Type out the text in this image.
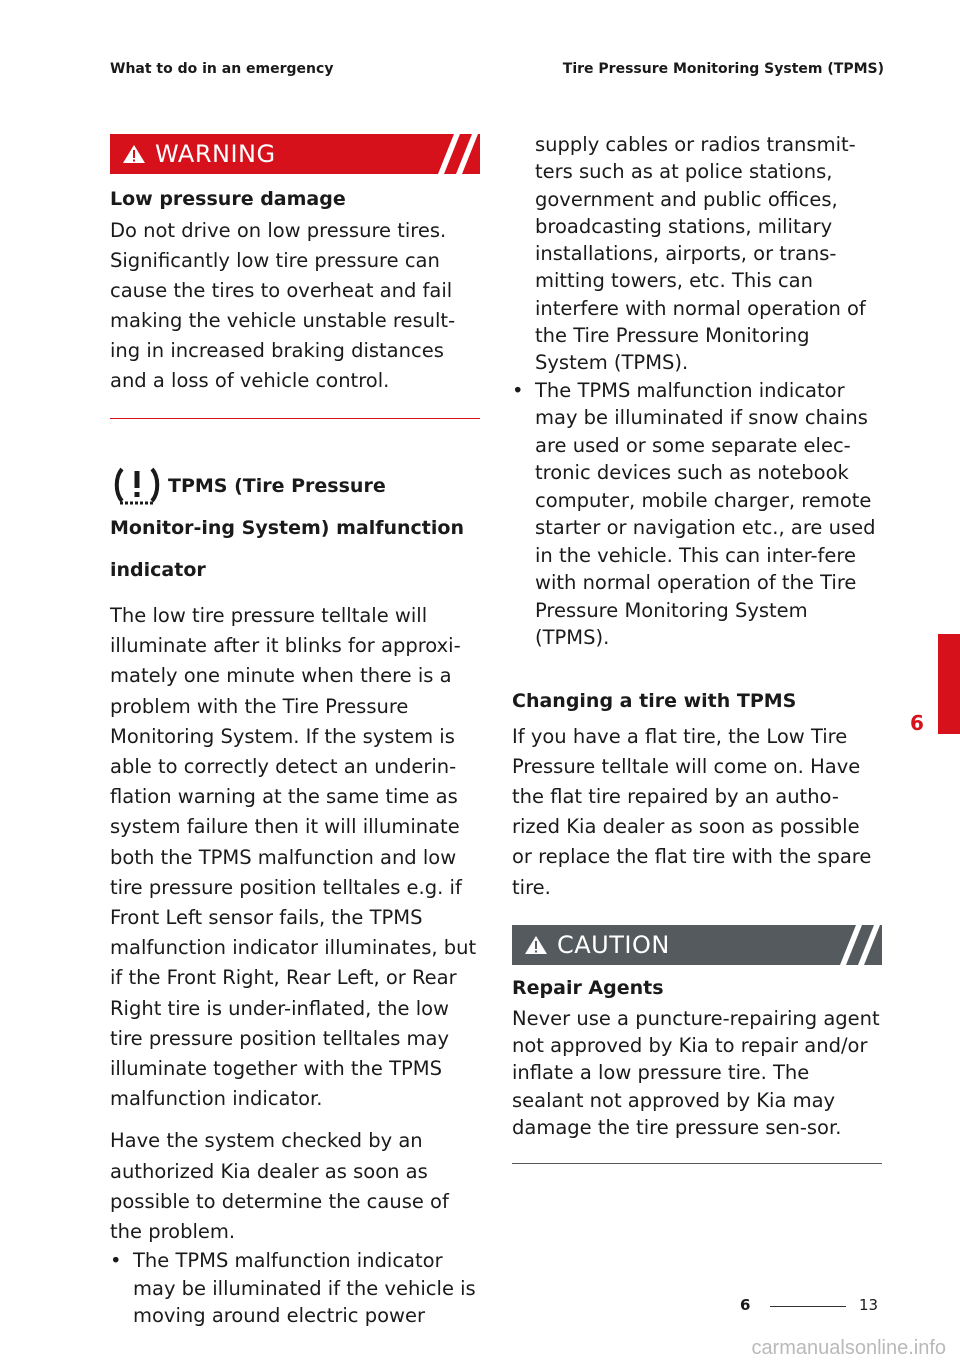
What to do in an emergency	Tire Pressure Monitoring System (TPMS)
WARNING
Low pressure damage
Do not drive on low pressure tires. Significantly low tire pressure can cause the tires to overheat and fail making the vehicle unstable result-ing in increased braking distances and a loss of vehicle control.
TPMS (Tire Pressure Monitor-ing System) malfunction indicator
The low tire pressure telltale will illuminate after it blinks for approxi-mately one minute when there is a problem with the Tire Pressure Monitoring System. If the system is able to correctly detect an underin-flation warning at the same time as system failure then it will illuminate both the TPMS malfunction and low tire pressure position telltales e.g. if Front Left sensor fails, the TPMS malfunction indicator illuminates, but if the Front Right, Rear Left, or Rear Right tire is under-inflated, the low tire pressure position telltales may illuminate together with the TPMS malfunction indicator.
Have the system checked by an authorized Kia dealer as soon as possible to determine the cause of the problem.
• The TPMS malfunction indicator may be illuminated if the vehicle is moving around electric power
supply cables or radios transmit-ters such as at police stations, government and public offices, broadcasting stations, military installations, airports, or trans-mitting towers, etc. This can interfere with normal operation of the Tire Pressure Monitoring System (TPMS).
• The TPMS malfunction indicator may be illuminated if snow chains are used or some separate elec-tronic devices such as notebook computer, mobile charger, remote starter or navigation etc., are used in the vehicle. This can inter-fere with normal operation of the Tire Pressure Monitoring System (TPMS).
Changing a tire with TPMS
If you have a flat tire, the Low Tire Pressure telltale will come on. Have the flat tire repaired by an autho-rized Kia dealer as soon as possible or replace the flat tire with the spare tire.
CAUTION
Repair Agents
Never use a puncture-repairing agent not approved by Kia to repair and/or inflate a low pressure tire. The sealant not approved by Kia may damage the tire pressure sen-sor.
6
6	13
carmanualsonline.info
